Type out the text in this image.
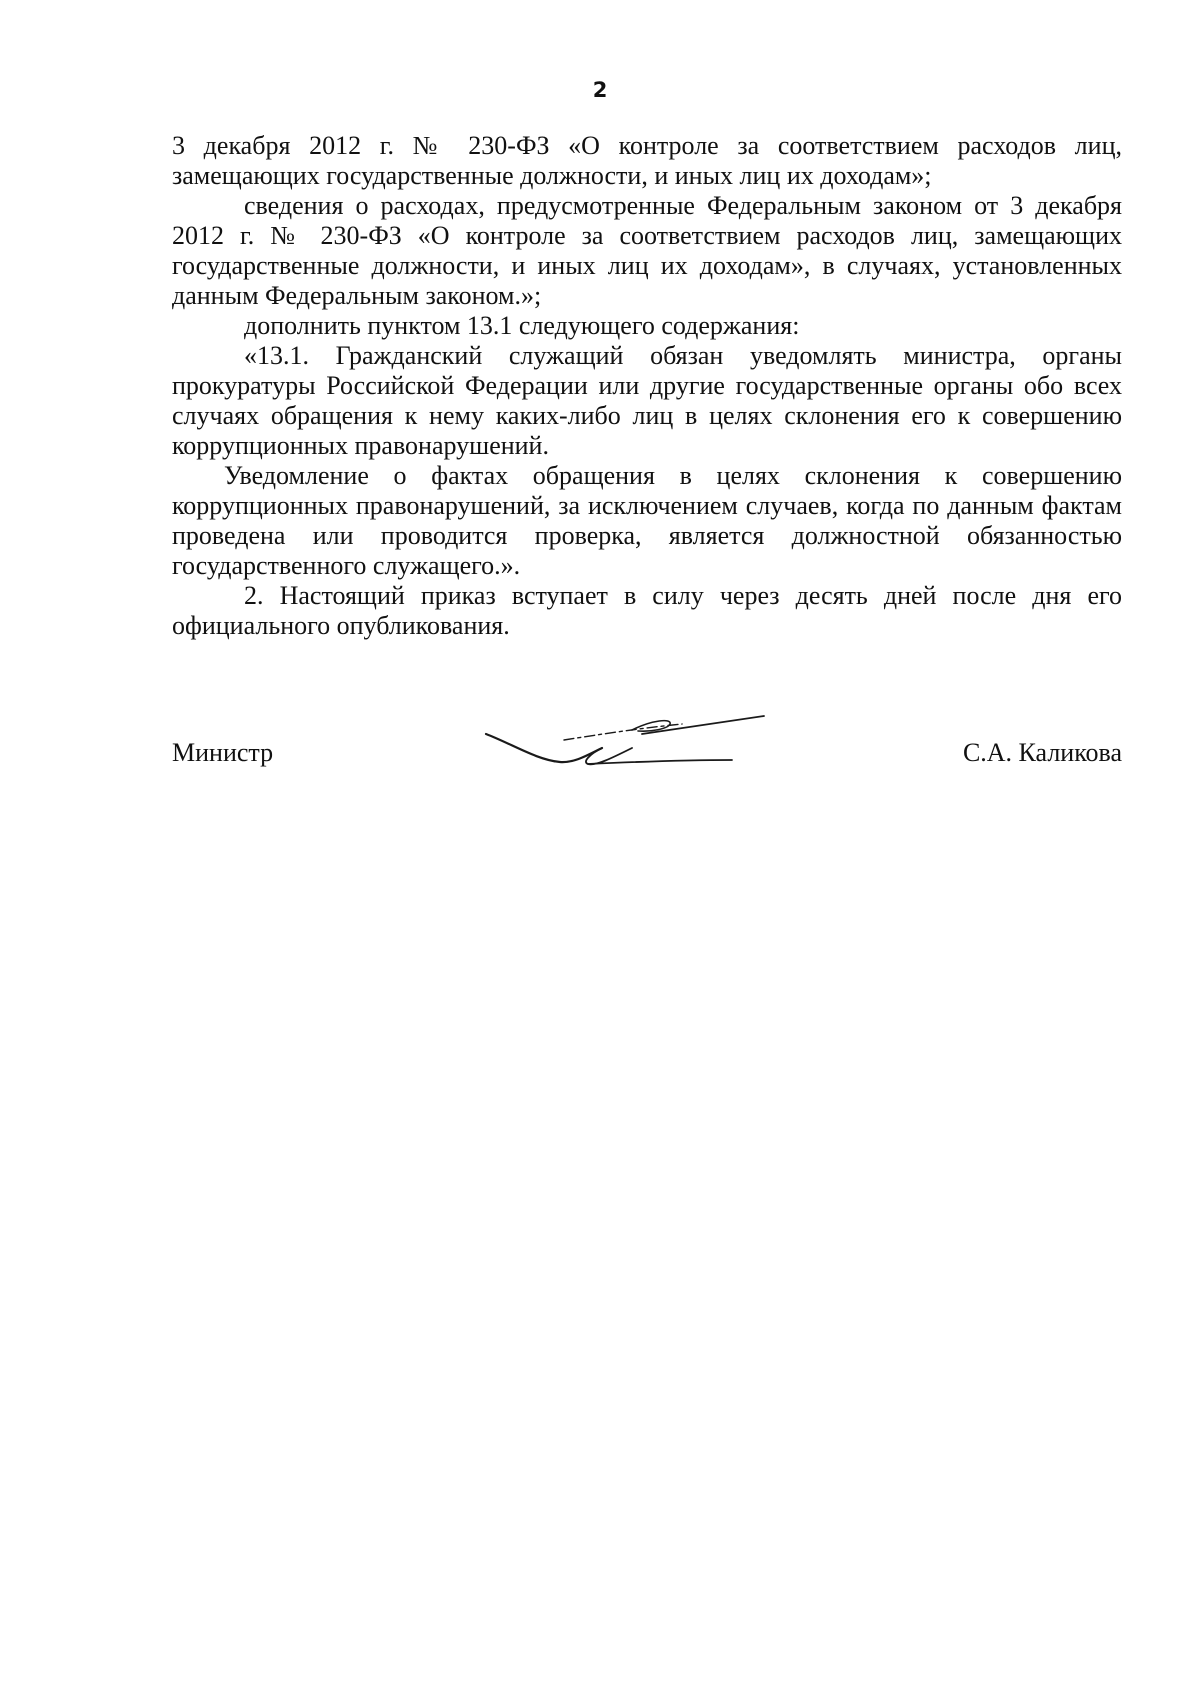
2

3 декабря 2012 г. № 230-ФЗ «О контроле за соответствием расходов лиц, замещающих государственные должности, и иных лиц их доходам»;

сведения о расходах, предусмотренные Федеральным законом от 3 декабря 2012 г. № 230-ФЗ «О контроле за соответствием расходов лиц, замещающих государственные должности, и иных лиц их доходам», в случаях, установленных данным Федеральным законом.»;

дополнить пунктом 13.1 следующего содержания:

«13.1. Гражданский служащий обязан уведомлять министра, органы прокуратуры Российской Федерации или другие государственные органы обо всех случаях обращения к нему каких-либо лиц в целях склонения его к совершению коррупционных правонарушений.

Уведомление о фактах обращения в целях склонения к совершению коррупционных правонарушений, за исключением случаев, когда по данным фактам проведена или проводится проверка, является должностной обязанностью государственного служащего.».

2. Настоящий приказ вступает в силу через десять дней после дня его официального опубликования.

Министр	С.А. Каликова
